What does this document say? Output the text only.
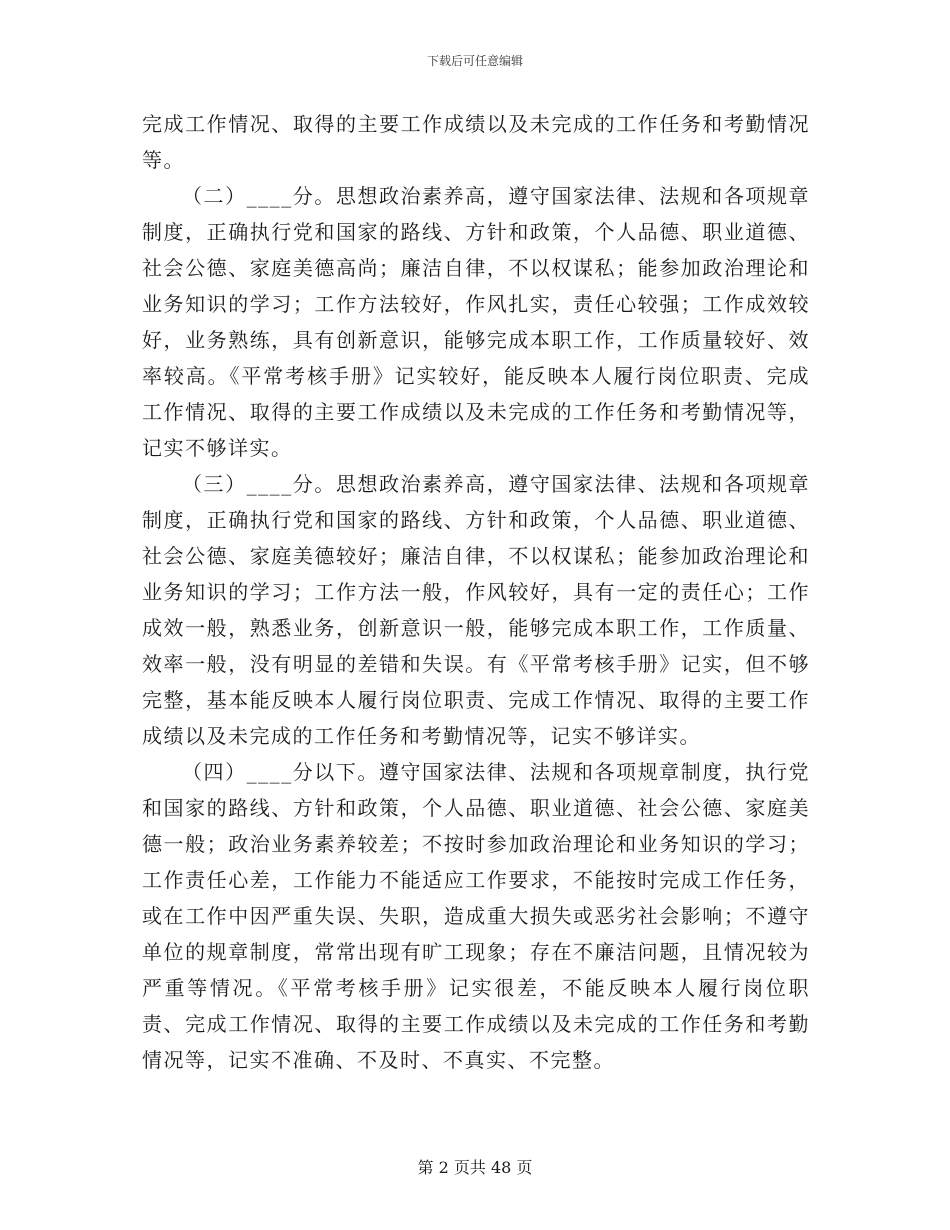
下载后可任意编辑

完成工作情况、取得的主要工作成绩以及未完成的工作任务和考勤情况等。

（二）____分。思想政治素养高，遵守国家法律、法规和各项规章制度，正确执行党和国家的路线、方针和政策，个人品德、职业道德、社会公德、家庭美德高尚；廉洁自律，不以权谋私；能参加政治理论和业务知识的学习；工作方法较好，作风扎实，责任心较强；工作成效较好，业务熟练，具有创新意识，能够完成本职工作，工作质量较好、效率较高。《平常考核手册》记实较好，能反映本人履行岗位职责、完成工作情况、取得的主要工作成绩以及未完成的工作任务和考勤情况等，记实不够详实。

（三）____分。思想政治素养高，遵守国家法律、法规和各项规章制度，正确执行党和国家的路线、方针和政策，个人品德、职业道德、社会公德、家庭美德较好；廉洁自律，不以权谋私；能参加政治理论和业务知识的学习；工作方法一般，作风较好，具有一定的责任心；工作成效一般，熟悉业务，创新意识一般，能够完成本职工作，工作质量、效率一般，没有明显的差错和失误。有《平常考核手册》记实，但不够完整，基本能反映本人履行岗位职责、完成工作情况、取得的主要工作成绩以及未完成的工作任务和考勤情况等，记实不够详实。

（四）____分以下。遵守国家法律、法规和各项规章制度，执行党和国家的路线、方针和政策，个人品德、职业道德、社会公德、家庭美德一般；政治业务素养较差；不按时参加政治理论和业务知识的学习；工作责任心差，工作能力不能适应工作要求，不能按时完成工作任务，或在工作中因严重失误、失职，造成重大损失或恶劣社会影响；不遵守单位的规章制度，常常出现有旷工现象；存在不廉洁问题，且情况较为严重等情况。《平常考核手册》记实很差，不能反映本人履行岗位职责、完成工作情况、取得的主要工作成绩以及未完成的工作任务和考勤情况等，记实不准确、不及时、不真实、不完整。

第 2 页共 48 页
